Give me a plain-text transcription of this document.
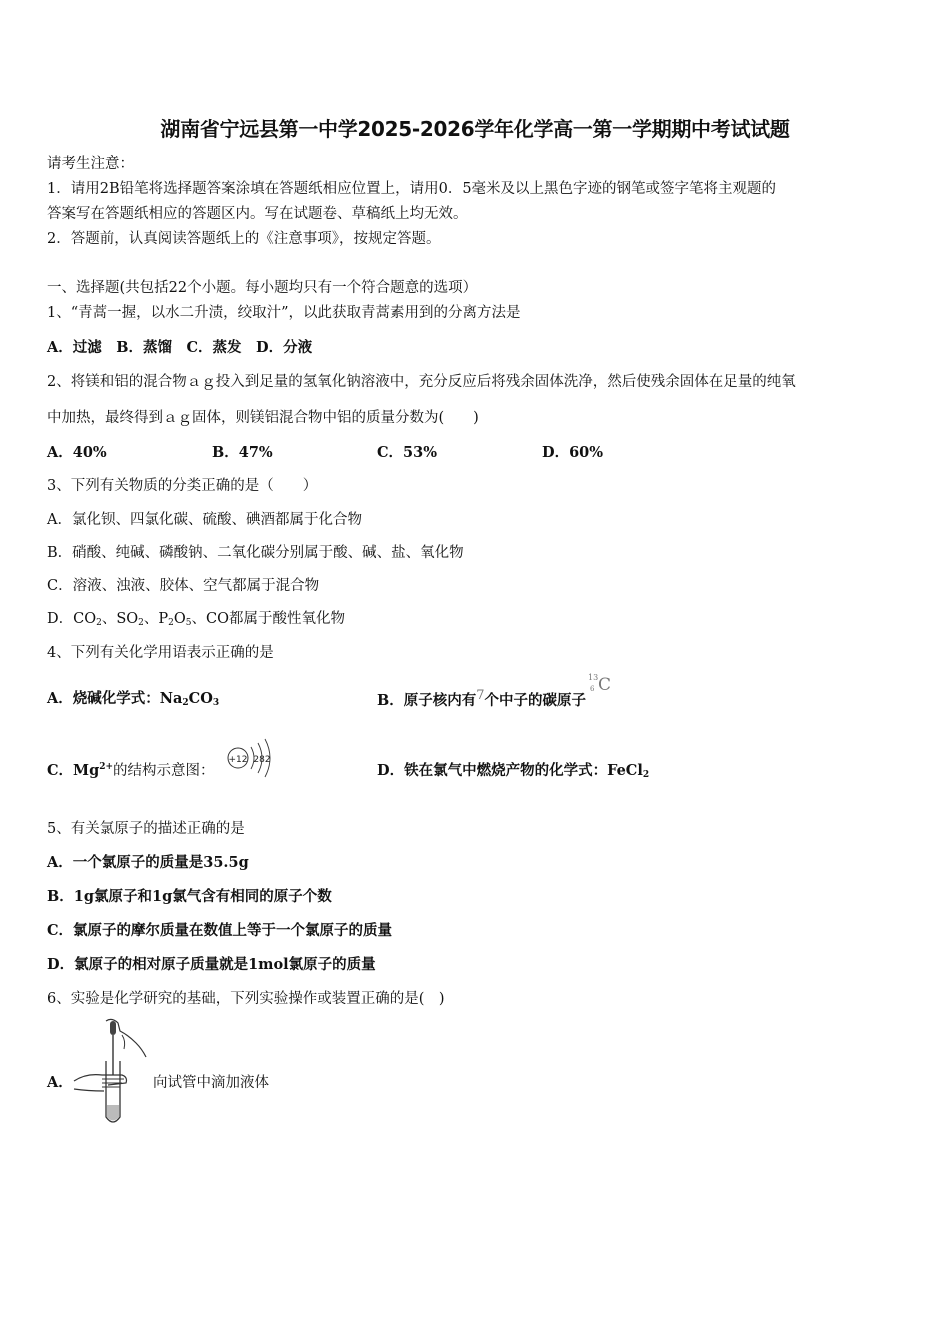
湖南省宁远县第一中学2025-2026学年化学高一第一学期期中考试试题
请考生注意：
1．请用2B铅笔将选择题答案涂填在答题纸相应位置上，请用0．5毫米及以上黑色字迹的钢笔或签字笔将主观题的
答案写在答题纸相应的答题区内。写在试题卷、草稿纸上均无效。
2．答题前，认真阅读答题纸上的《注意事项》，按规定答题。
一、选择题(共包括22个小题。每小题均只有一个符合题意的选项）
1、“青蒿一握，以水二升渍，绞取汁”，以此获取青蒿素用到的分离方法是
A．过滤　B．蒸馏　C．蒸发　D．分液
2、将镁和铝的混合物ａｇ投入到足量的氢氧化钠溶液中，充分反应后将残余固体洗净，然后使残余固体在足量的纯氧
中加热，最终得到ａｇ固体，则镁铝混合物中铝的质量分数为(　　)
A．40%	B．47%	C．53%	D．60%
3、下列有关物质的分类正确的是（　　）
A．氯化钡、四氯化碳、硫酸、碘酒都属于化合物
B．硝酸、纯碱、磷酸钠、二氧化碳分别属于酸、碱、盐、氧化物
C．溶液、浊液、胶体、空气都属于混合物
D．$CO_2$、$SO_2$、$P_2O_5$、CO都属于酸性氧化物
4、下列有关化学用语表示正确的是
A．烧碱化学式：$Na_2CO_3$	B．原子核内有7个中子的碳原子
13
6 C
C．$Mg^{2+}$的结构示意图：
+12 282
D．铁在氯气中燃烧产物的化学式：FeCl$_2$
5、有关氯原子的描述正确的是
A．一个氯原子的质量是35.5g
B．1g氯原子和1g氯气含有相同的原子个数
C．氯原子的摩尔质量在数值上等于一个氯原子的质量
D．氯原子的相对原子质量就是1mol氯原子的质量
6、实验是化学研究的基础，下列实验操作或装置正确的是(　)
A．	向试管中滴加液体
